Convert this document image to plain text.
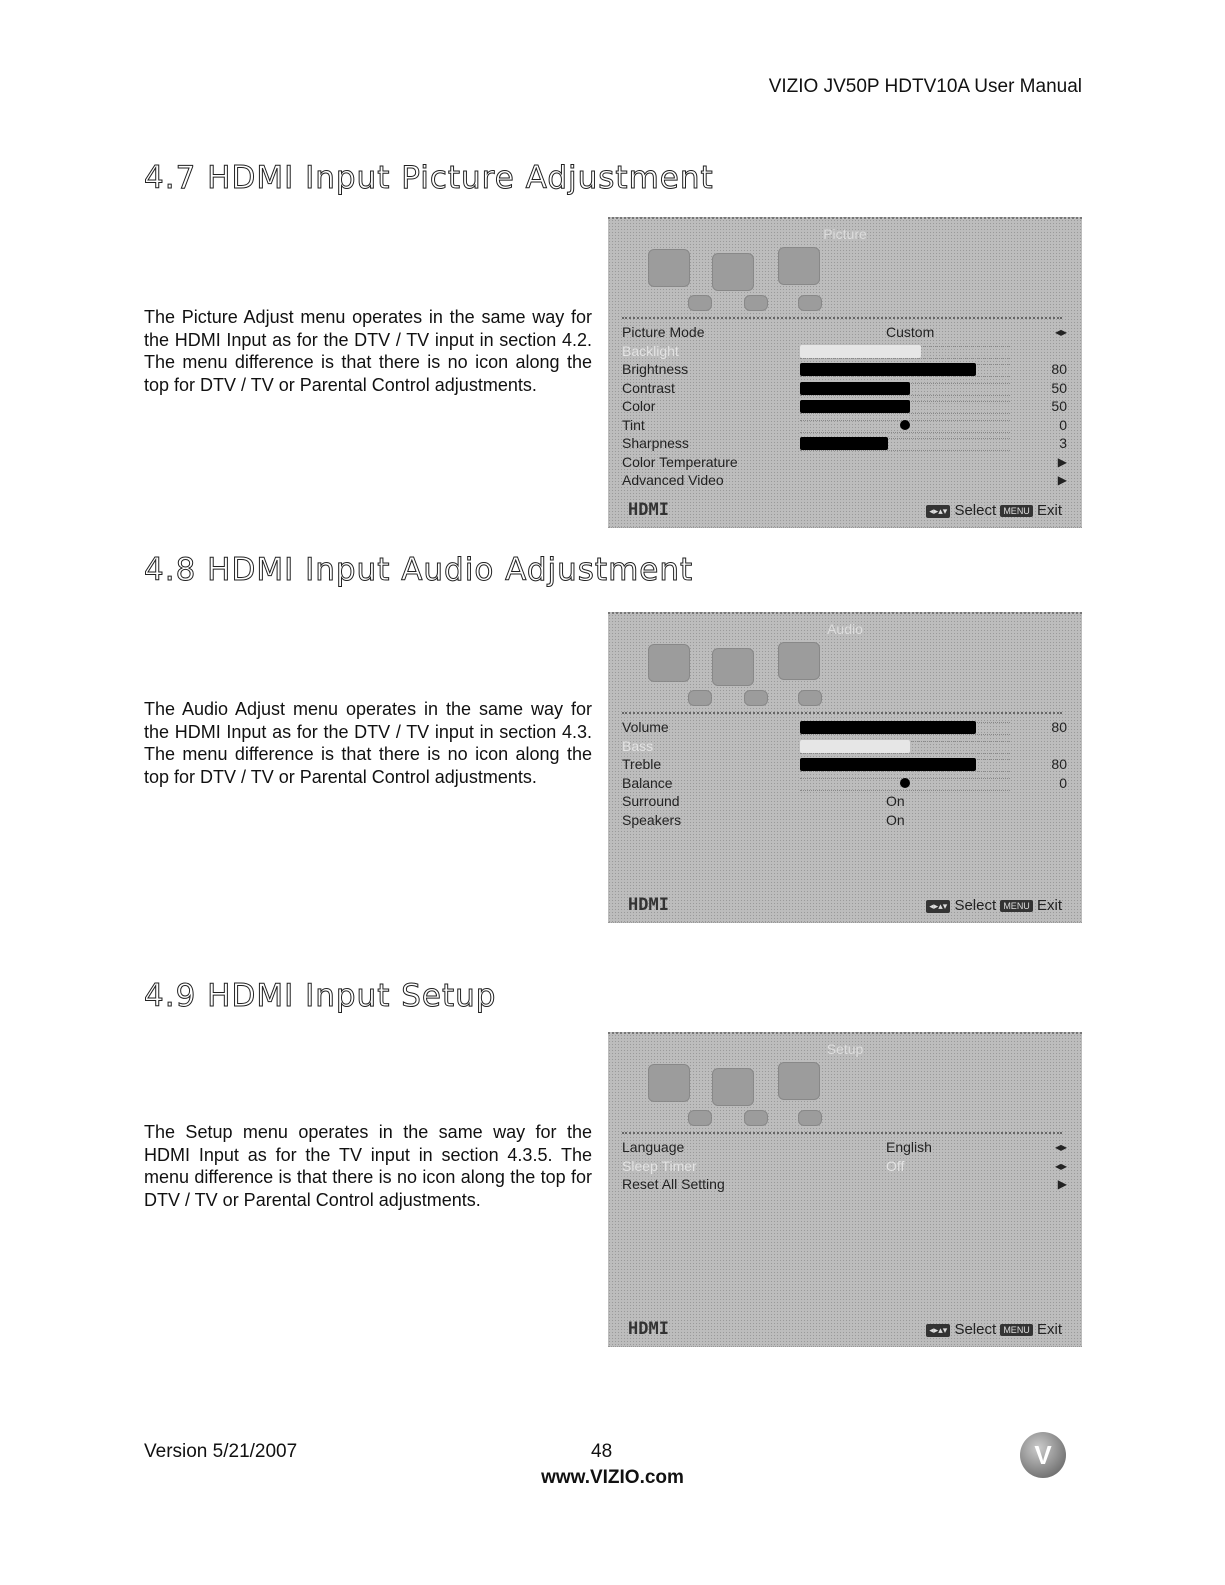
VIZIO JV50P HDTV10A User Manual
4.7 HDMI Input Picture Adjustment
The Picture Adjust menu operates in the same way for the HDMI Input as for the DTV / TV input in section 4.2. The menu difference is that there is no icon along the top for DTV / TV or Parental Control adjustments.
Picture
Picture Mode	Custom	◂▸
Backlight
Brightness	80
Contrast	50
Color	50
Tint	0
Sharpness	3
Color Temperature	▶
Advanced Video	▶
HDMI	◂▸▴▾ Select MENU Exit
4.8 HDMI Input Audio Adjustment
The Audio Adjust menu operates in the same way for the HDMI Input as for the DTV / TV input in section 4.3. The menu difference is that there is no icon along the top for DTV / TV or Parental Control adjustments.
Audio
Volume	80
Bass
Treble	80
Balance	0
Surround	On
Speakers	On
HDMI	◂▸▴▾ Select MENU Exit
4.9 HDMI Input Setup
The Setup menu operates in the same way for the HDMI Input as for the TV input in section 4.3.5. The menu difference is that there is no icon along the top for DTV / TV or Parental Control adjustments.
Setup
Language	English	◂▸
Sleep Timer	Off	◂▸
Reset All Setting	▶
HDMI	◂▸▴▾ Select MENU Exit
Version 5/21/2007	48
www.VIZIO.com
V
